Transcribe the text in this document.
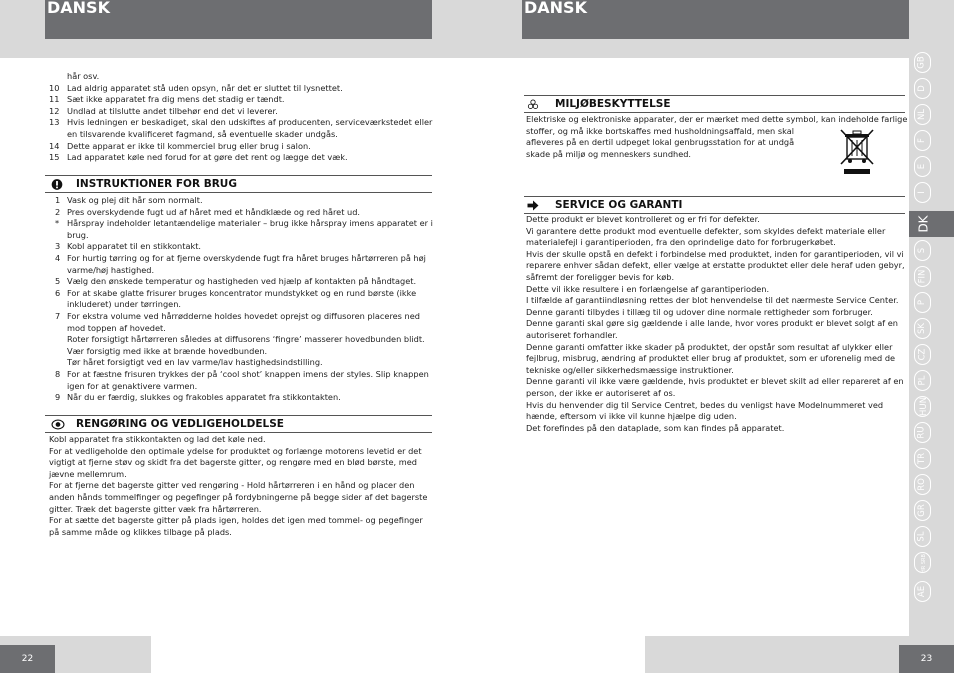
DANSK	DANSK
GB
D
NL
F
E
I
DK
S
FIN
P
SK
CZ
PL
HUN
RU
TR
RO
GR
SL
HR SRB
AE
22	23
hår osv.
10 Lad aldrig apparatet stå uden opsyn, når det er sluttet til lysnettet.
11 Sæt ikke apparatet fra dig mens det stadig er tændt.
12 Undlad at tilslutte andet tilbehør end det vi leverer.
13 Hvis ledningen er beskadiget, skal den udskiftes af producenten, serviceværkstedet eller en tilsvarende kvalificeret fagmand, så eventuelle skader undgås.
14 Dette apparat er ikke til kommerciel brug eller brug i salon.
15 Lad apparatet køle ned forud for at gøre det rent og lægge det væk.
INSTRUKTIONER FOR BRUG
1 Vask og plej dit hår som normalt.
2 Pres overskydende fugt ud af håret med et håndklæde og red håret ud.
* Hårspray indeholder letantændelige materialer – brug ikke hårspray imens apparatet er i brug.
3 Kobl apparatet til en stikkontakt.
4 For hurtig tørring og for at fjerne overskydende fugt fra håret bruges hårtørreren på høj varme/høj hastighed.
5 Vælg den ønskede temperatur og hastigheden ved hjælp af kontakten på håndtaget.
6 For at skabe glatte frisurer bruges koncentrator mundstykket og en rund børste (ikke inkluderet) under tørringen.
7 For ekstra volume ved hårrødderne holdes hovedet oprejst og diffusoren placeres ned mod toppen af hovedet.
Roter forsigtigt hårtørreren således at diffusorens ‘fingre’ masserer hovedbunden blidt.
Vær forsigtig med ikke at brænde hovedbunden.
Tør håret forsigtigt ved en lav varme/lav hastighedsindstilling.
8 For at fæstne frisuren trykkes der på ‘cool shot’ knappen imens der styles. Slip knappen igen for at genaktivere varmen.
9 Når du er færdig, slukkes og frakobles apparatet fra stikkontakten.
RENGØRING OG VEDLIGEHOLDELSE
Kobl apparatet fra stikkontakten og lad det køle ned.
For at vedligeholde den optimale ydelse for produktet og forlænge motorens levetid er det vigtigt at fjerne støv og skidt fra det bagerste gitter, og rengøre med en blød børste, med jævne mellemrum.
For at fjerne det bagerste gitter ved rengøring - Hold hårtørreren i en hånd og placer den anden hånds tommelfinger og pegefinger på fordybningerne på begge sider af det bagerste gitter. Træk det bagerste gitter væk fra hårtørreren.
For at sætte det bagerste gitter på plads igen, holdes det igen med tommel- og pegefinger på samme måde og klikkes tilbage på plads.
MILJØBESKYTTELSE
Elektriske og elektroniske apparater, der er mærket med dette symbol, kan indeholde farlige
stoffer, og må ikke bortskaffes med husholdningsaffald, men skal
afleveres på en dertil udpeget lokal genbrugsstation for at undgå
skade på miljø og menneskers sundhed.
SERVICE OG GARANTI
Dette produkt er blevet kontrolleret og er fri for defekter.
Vi garantere dette produkt mod eventuelle defekter, som skyldes defekt materiale eller materialefejl i garantiperioden, fra den oprindelige dato for forbrugerkøbet.
Hvis der skulle opstå en defekt i forbindelse med produktet, inden for garantiperioden, vil vi reparere enhver sådan defekt, eller vælge at erstatte produktet eller dele heraf uden gebyr, såfremt der foreligger bevis for køb.
Dette vil ikke resultere i en forlængelse af garantiperioden.
I tilfælde af garantiindløsning rettes der blot henvendelse til det nærmeste Service Center.
Denne garanti tilbydes i tillæg til og udover dine normale rettigheder som forbruger.
Denne garanti skal gøre sig gældende i alle lande, hvor vores produkt er blevet solgt af en autoriseret forhandler.
Denne garanti omfatter ikke skader på produktet, der opstår som resultat af ulykker eller fejlbrug, misbrug, ændring af produktet eller brug af produktet, som er uforenelig med de tekniske og/eller sikkerhedsmæssige instruktioner.
Denne garanti vil ikke være gældende, hvis produktet er blevet skilt ad eller repareret af en person, der ikke er autoriseret af os.
Hvis du henvender dig til Service Centret, bedes du venligst have Modelnummeret ved hænde, eftersom vi ikke vil kunne hjælpe dig uden.
Det forefindes på den dataplade, som kan findes på apparatet.
